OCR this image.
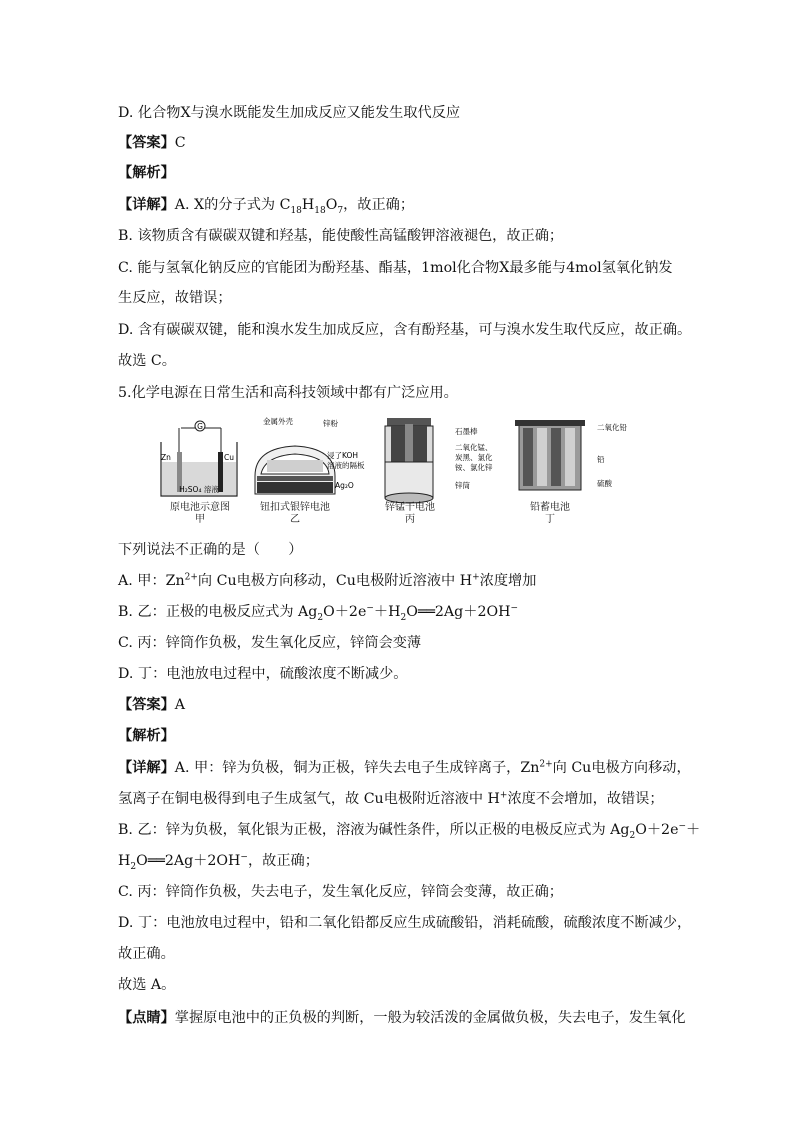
D. 化合物X与溴水既能发生加成反应又能发生取代反应
【答案】C
【解析】
【详解】A. X的分子式为 $C_{18}H_{18}O_7$，故正确；
B. 该物质含有碳碳双键和羟基，能使酸性高锰酸钾溶液褪色，故正确；
C. 能与氢氧化钠反应的官能团为酚羟基、酯基，1mol化合物X最多能与4mol氢氧化钠发
生反应，故错误；
D. 含有碳碳双键，能和溴水发生加成反应，含有酚羟基，可与溴水发生取代反应，故正确。
故选 C。
5.化学电源在日常生活和高科技领域中都有广泛应用。
G
Zn	Cu
H₂SO₄ 溶液
金属外壳	锌粉
浸了KOH
溶液的隔板
Ag₂O
石墨棒
二氧化锰、
炭黑、氯化
铵、氯化锌
锌筒
二氧化铅
铅
硫酸
原电池示意图
甲
钮扣式银锌电池
乙
锌锰干电池
丙
铅蓄电池
丁
下列说法不正确的是（　　）
A. 甲：$Zn^{2+}$向 Cu电极方向移动，Cu电极附近溶液中 H+浓度增加
B. 乙：正极的电极反应式为 $Ag_2O+2e^-+H_2O══2Ag+2OH^-$
C. 丙：锌筒作负极，发生氧化反应，锌筒会变薄
D. 丁：电池放电过程中，硫酸浓度不断减少。
【答案】A
【解析】
【详解】A. 甲：锌为负极，铜为正极，锌失去电子生成锌离子，$Zn^{2+}$向 Cu电极方向移动，
氢离子在铜电极得到电子生成氢气，故 Cu电极附近溶液中 H+浓度不会增加，故错误；
B. 乙：锌为负极，氧化银为正极，溶液为碱性条件，所以正极的电极反应式为 $Ag_2O+2e^-+$
$H_2O══2Ag+2OH^-$，故正确；
C. 丙：锌筒作负极，失去电子，发生氧化反应，锌筒会变薄，故正确；
D. 丁：电池放电过程中，铅和二氧化铅都反应生成硫酸铅，消耗硫酸，硫酸浓度不断减少，
故正确。
故选 A。
【点睛】掌握原电池中的正负极的判断，一般为较活泼的金属做负极，失去电子，发生氧化
